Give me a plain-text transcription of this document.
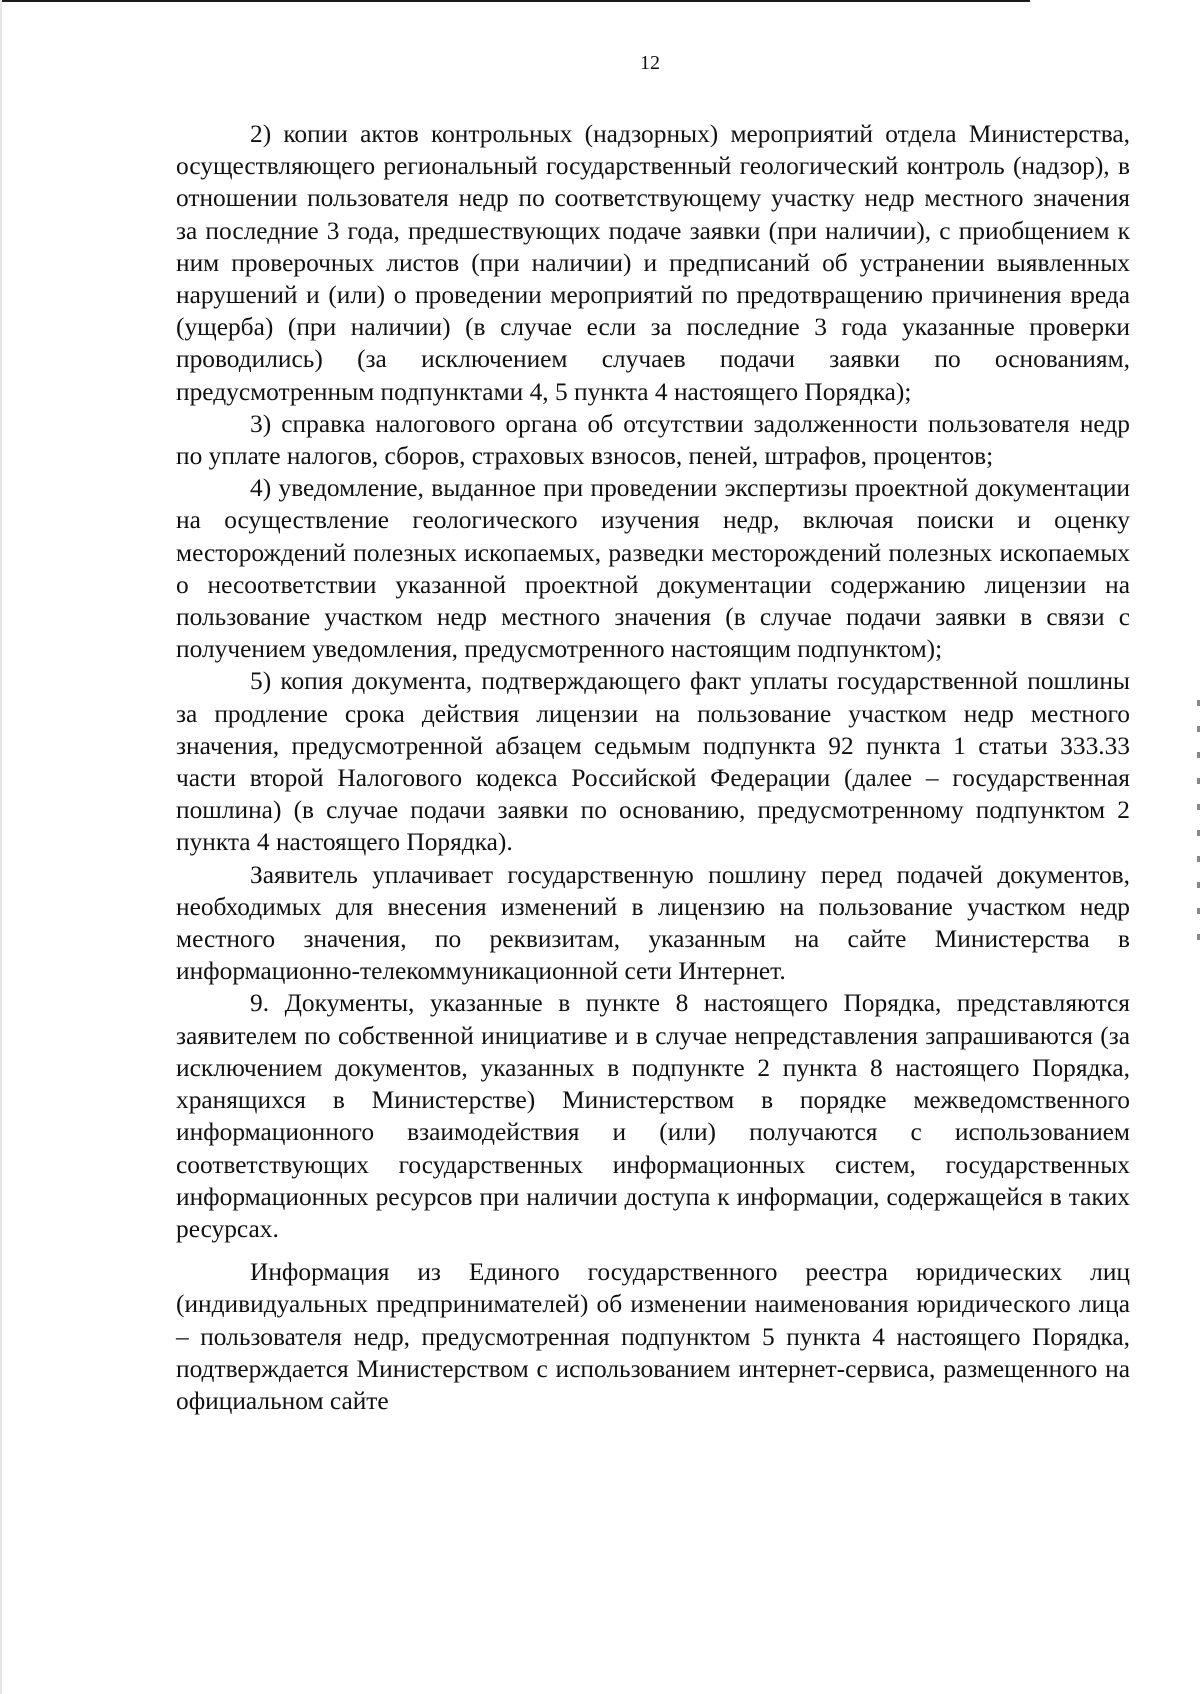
12

2) копии актов контрольных (надзорных) мероприятий отдела Министерства, осуществляющего региональный государственный геологический контроль (надзор), в отношении пользователя недр по соответствующему участку недр местного значения за последние 3 года, предшествующих подаче заявки (при наличии), с приобщением к ним проверочных листов (при наличии) и предписаний об устранении выявленных нарушений и (или) о проведении мероприятий по предотвращению причинения вреда (ущерба) (при наличии) (в случае если за последние 3 года указанные проверки проводились) (за исключением случаев подачи заявки по основаниям, предусмотренным подпунктами 4, 5 пункта 4 настоящего Порядка);

3) справка налогового органа об отсутствии задолженности пользователя недр по уплате налогов, сборов, страховых взносов, пеней, штрафов, процентов;

4) уведомление, выданное при проведении экспертизы проектной документации на осуществление геологического изучения недр, включая поиски и оценку месторождений полезных ископаемых, разведки месторождений полезных ископаемых о несоответствии указанной проектной документации содержанию лицензии на пользование участком недр местного значения (в случае подачи заявки в связи с получением уведомления, предусмотренного настоящим подпунктом);

5) копия документа, подтверждающего факт уплаты государственной пошлины за продление срока действия лицензии на пользование участком недр местного значения, предусмотренной абзацем седьмым подпункта 92 пункта 1 статьи 333.33 части второй Налогового кодекса Российской Федерации (далее – государственная пошлина) (в случае подачи заявки по основанию, предусмотренному подпунктом 2 пункта 4 настоящего Порядка).

Заявитель уплачивает государственную пошлину перед подачей документов, необходимых для внесения изменений в лицензию на пользование участком недр местного значения, по реквизитам, указанным на сайте Министерства в информационно-телекоммуникационной сети Интернет.

9. Документы, указанные в пункте 8 настоящего Порядка, представляются заявителем по собственной инициативе и в случае непредставления запрашиваются (за исключением документов, указанных в подпункте 2 пункта 8 настоящего Порядка, хранящихся в Министерстве) Министерством в порядке межведомственного информационного взаимодействия и (или) получаются с использованием соответствующих государственных информационных систем, государственных информационных ресурсов при наличии доступа к информации, содержащейся в таких ресурсах.

Информация из Единого государственного реестра юридических лиц (индивидуальных предпринимателей) об изменении наименования юридического лица – пользователя недр, предусмотренная подпунктом 5 пункта 4 настоящего Порядка, подтверждается Министерством с использованием интернет-сервиса, размещенного на официальном сайте
